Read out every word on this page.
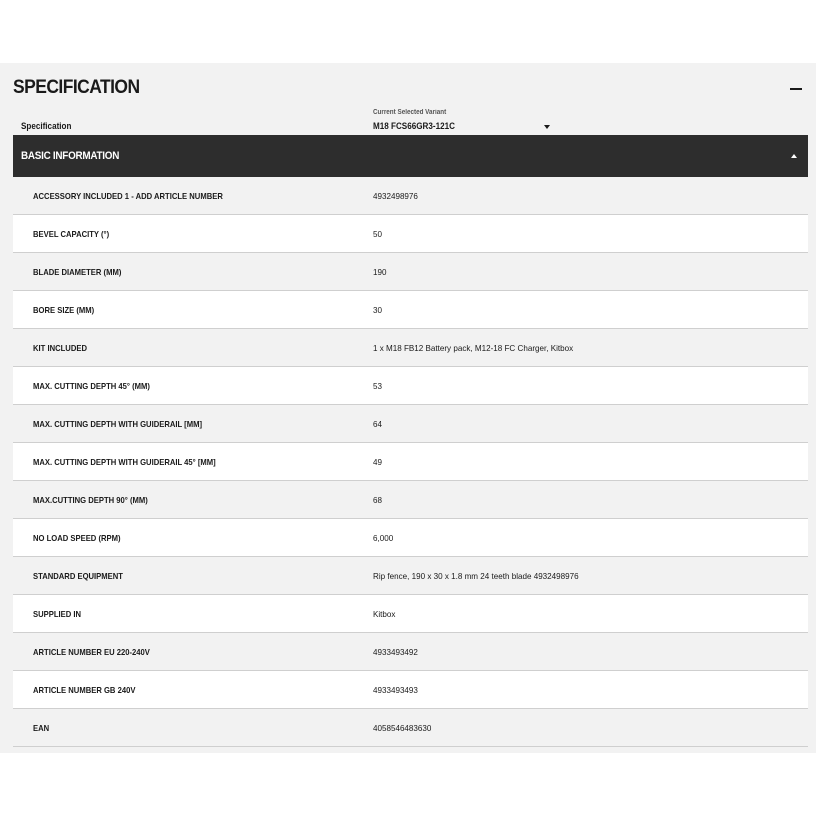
SPECIFICATION
Specification
Current Selected Variant
M18 FCS66GR3-121C
BASIC INFORMATION
ACCESSORY INCLUDED 1 - ADD ARTICLE NUMBER	4932498976
BEVEL CAPACITY (°)	50
BLADE DIAMETER (MM)	190
BORE SIZE (MM)	30
KIT INCLUDED	1 x M18 FB12 Battery pack, M12-18 FC Charger, Kitbox
MAX. CUTTING DEPTH 45° (MM)	53
MAX. CUTTING DEPTH WITH GUIDERAIL [MM]	64
MAX. CUTTING DEPTH WITH GUIDERAIL 45° [MM]	49
MAX.CUTTING DEPTH 90° (MM)	68
NO LOAD SPEED (RPM)	6,000
STANDARD EQUIPMENT	Rip fence, 190 x 30 x 1.8 mm 24 teeth blade 4932498976
SUPPLIED IN	Kitbox
ARTICLE NUMBER EU 220-240V	4933493492
ARTICLE NUMBER GB 240V	4933493493
EAN	4058546483630
